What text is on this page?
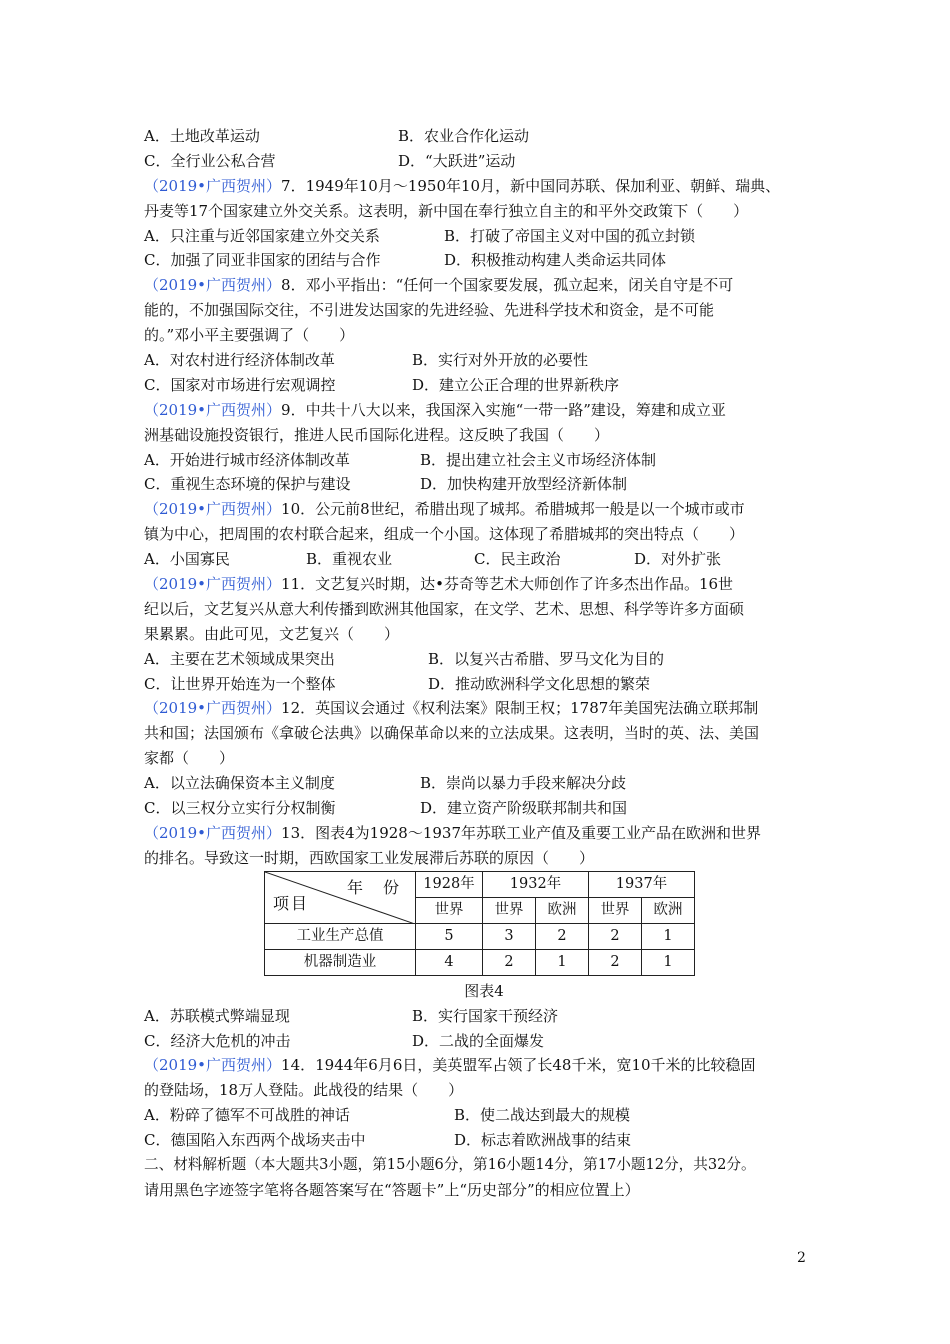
A．土地改革运动	B．农业合作化运动
C．全行业公私合营	D．“大跃进”运动
（2019•广西贺州）7．1949年10月～1950年10月，新中国同苏联、保加利亚、朝鲜、瑞典、
丹麦等17个国家建立外交关系。这表明，新中国在奉行独立自主的和平外交政策下（　　）
A．只注重与近邻国家建立外交关系	B．打破了帝国主义对中国的孤立封锁
C．加强了同亚非国家的团结与合作	D．积极推动构建人类命运共同体
（2019•广西贺州）8．邓小平指出：“任何一个国家要发展，孤立起来，闭关自守是不可
能的，不加强国际交往，不引进发达国家的先进经验、先进科学技术和资金，是不可能
的。”邓小平主要强调了（　　）
A．对农村进行经济体制改革	B．实行对外开放的必要性
C．国家对市场进行宏观调控	D．建立公正合理的世界新秩序
（2019•广西贺州）9．中共十八大以来，我国深入实施“一带一路”建设，筹建和成立亚
洲基础设施投资银行，推进人民币国际化进程。这反映了我国（　　）
A．开始进行城市经济体制改革	B．提出建立社会主义市场经济体制
C．重视生态环境的保护与建设	D．加快构建开放型经济新体制
（2019•广西贺州）10．公元前8世纪，希腊出现了城邦。希腊城邦一般是以一个城市或市
镇为中心，把周围的农村联合起来，组成一个小国。这体现了希腊城邦的突出特点（　　）
A．小国寡民	B．重视农业	C．民主政治	D．对外扩张
（2019•广西贺州）11．文艺复兴时期，达•芬奇等艺术大师创作了许多杰出作品。16世
纪以后，文艺复兴从意大利传播到欧洲其他国家，在文学、艺术、思想、科学等许多方面硕
果累累。由此可见，文艺复兴（　　）
A．主要在艺术领域成果突出	B．以复兴古希腊、罗马文化为目的
C．让世界开始连为一个整体	D．推动欧洲科学文化思想的繁荣
（2019•广西贺州）12．英国议会通过《权利法案》限制王权；1787年美国宪法确立联邦制
共和国；法国颁布《拿破仑法典》以确保革命以来的立法成果。这表明，当时的英、法、美国
家都（　　）
A．以立法确保资本主义制度	B．崇尚以暴力手段来解决分歧
C．以三权分立实行分权制衡	D．建立资产阶级联邦制共和国
（2019•广西贺州）13．图表4为1928～1937年苏联工业产值及重要工业产品在欧洲和世界
的排名。导致这一时期，西欧国家工业发展滞后苏联的原因（　　）
年　份
项目	1928年	1932年		1937年	
	世界	世界	欧洲	世界	欧洲
工业生产总值	5	3	2	2	1
机器制造业	4	2	1	2	1
图表4
A．苏联模式弊端显现	B．实行国家干预经济
C．经济大危机的冲击	D．二战的全面爆发
（2019•广西贺州）14．1944年6月6日，美英盟军占领了长48千米，宽10千米的比较稳固
的登陆场，18万人登陆。此战役的结果（　　）
A．粉碎了德军不可战胜的神话	B．使二战达到最大的规模
C．德国陷入东西两个战场夹击中	D．标志着欧洲战事的结束
二、材料解析题（本大题共3小题，第15小题6分，第16小题14分，第17小题12分，共32分。
请用黑色字迹签字笔将各题答案写在“答题卡”上“历史部分”的相应位置上）
2
